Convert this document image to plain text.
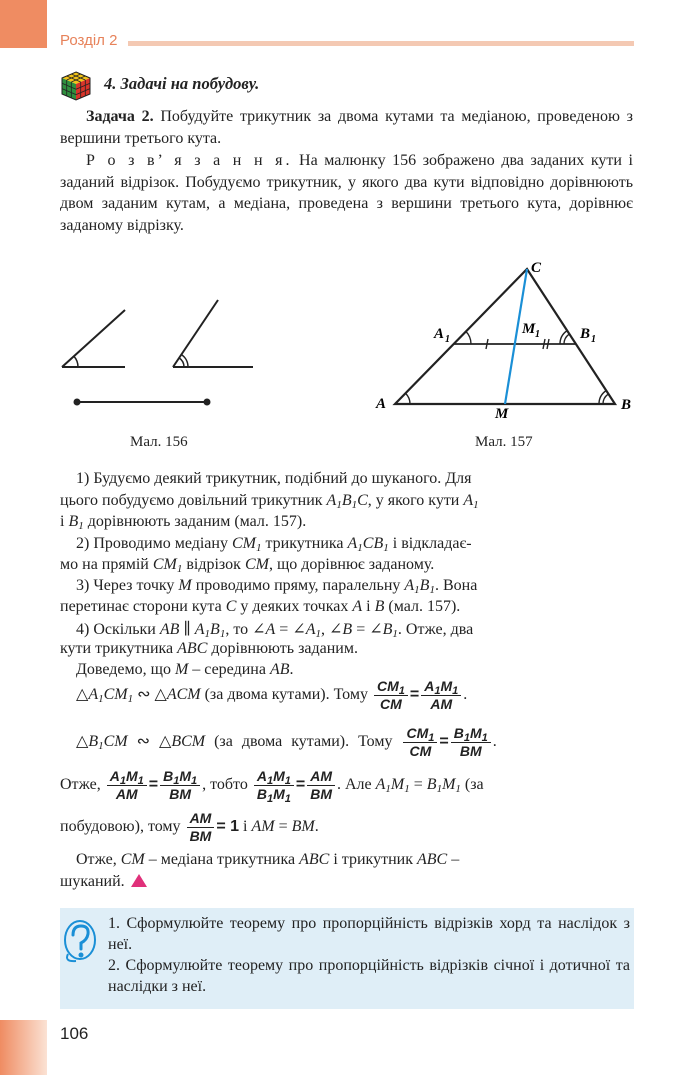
Розділ 2
4. Задачі на побудову.
Задача 2. Побудуйте трикутник за двома кутами та медіаною, проведеною з вершини третього кута.
Р о з в’ я з а н н я. На малюнку 156 зображено два заданих кути і заданий відрізок. Побудуємо трикутник, у якого два кути відповідно дорівнюють двом заданим кутам, а медіана, проведена з вершини третього кута, дорівнює заданому відрізку.
Мал. 156
C
A	B
M
A 1
M 1	B 1
Мал. 157
  1) Будуємо деякий трикутник, подібний до шуканого. Для
цього побудуємо довільний трикутник $A_1B_1C$, у якого кути $A_1$
і $B_1$ дорівнюють заданим (мал. 157).
  2) Проводимо медіану $CM_1$ трикутника $A_1CB_1$ і відкладає-
мо на прямій $CM_1$ відрізок CM, що дорівнює заданому.
  3) Через точку M проводимо пряму, паралельну $A_1B_1$. Вона
перетинає сторони кута C у деяких точках A і B (мал. 157).
  4) Оскільки AB ∥ $A_1B_1$, то ∠A = $\angle A_1$, ∠B = $\angle B_1$. Отже, два
кути трикутника ABC дорівнюють заданим.
  Доведемо, що M – середина AB.
  $\triangle A_1CM_1$ ∾ △ACM (за двома кутами). Тому $\frac{CM_1}{CM} = \frac{A_1M_1}{AM}$ .
  $\triangle B_1CM$ ∾ △BCM (за двома кутами). Тому $\frac{CM_1}{CM} = \frac{B_1M_1}{BM}$ .
Отже, $\frac{A_1M_1}{AM} = \frac{B_1M_1}{BM}$ , тобто $\frac{A_1M_1}{B_1M_1} = \frac{AM}{BM}$ . Але $A_1M_1 = B_1M_1$ (за
побудовою), тому $\frac{AM}{BM} = 1$ і AM = BM.
  Отже, CM – медіана трикутника ABC і трикутник ABC –
шуканий.
1. Сформулюйте теорему про пропорційність відрізків хорд та наслідок з неї.
2. Сформулюйте теорему про пропорційність відрізків січної і дотичної та наслідки з неї.
106
